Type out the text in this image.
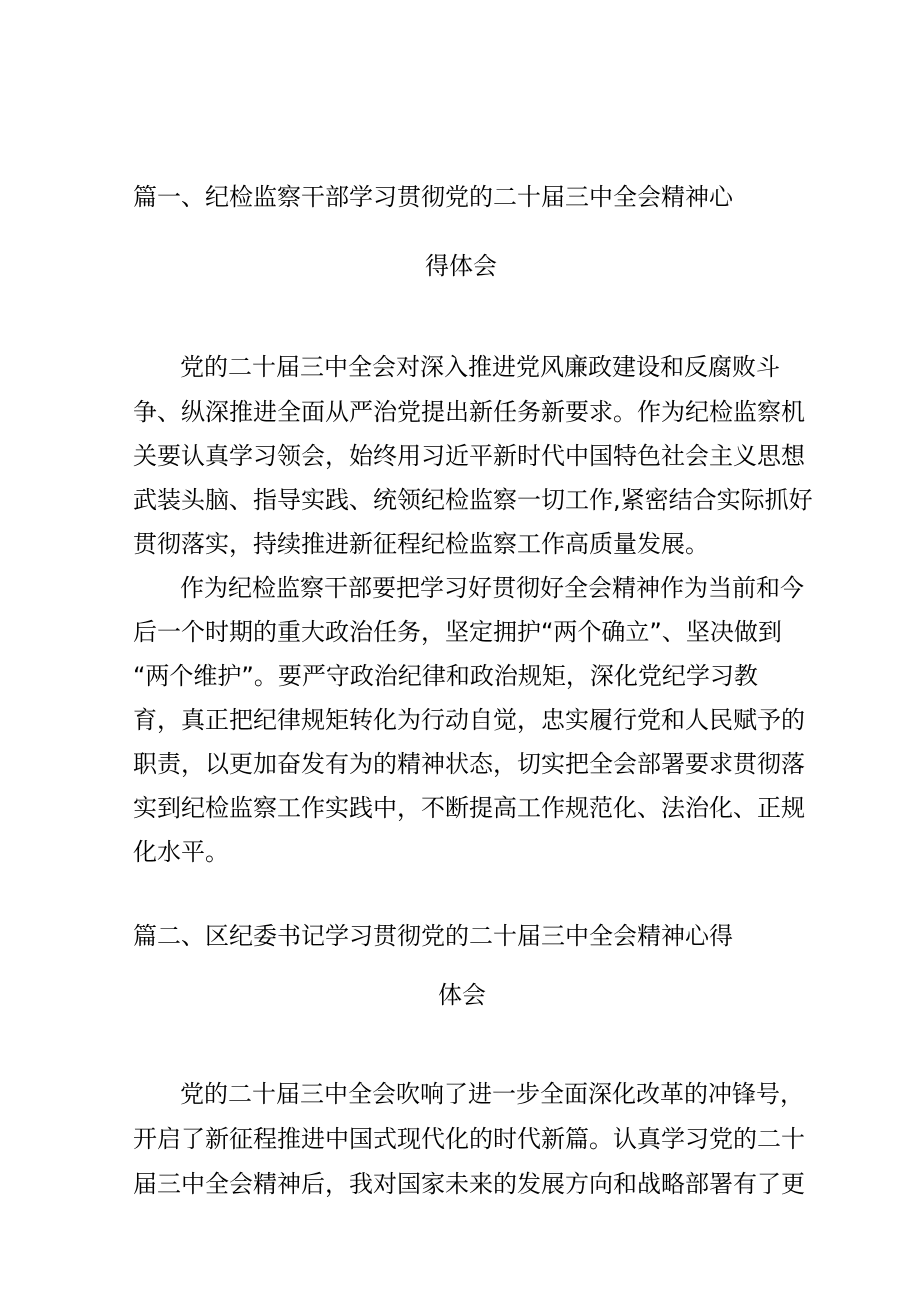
篇一、纪检监察干部学习贯彻党的二十届三中全会精神心
得体会
党的二十届三中全会对深入推进党风廉政建设和反腐败斗
争、纵深推进全面从严治党提出新任务新要求。作为纪检监察机
关要认真学习领会，始终用习近平新时代中国特色社会主义思想
武装头脑、指导实践、统领纪检监察一切工作,紧密结合实际抓好
贯彻落实，持续推进新征程纪检监察工作高质量发展。
作为纪检监察干部要把学习好贯彻好全会精神作为当前和今
后一个时期的重大政治任务，坚定拥护“两个确立”、坚决做到
“两个维护”。要严守政治纪律和政治规矩，深化党纪学习教
育，真正把纪律规矩转化为行动自觉，忠实履行党和人民赋予的
职责，以更加奋发有为的精神状态，切实把全会部署要求贯彻落
实到纪检监察工作实践中，不断提高工作规范化、法治化、正规
化水平。
篇二、区纪委书记学习贯彻党的二十届三中全会精神心得
体会
党的二十届三中全会吹响了进一步全面深化改革的冲锋号，
开启了新征程推进中国式现代化的时代新篇。认真学习党的二十
届三中全会精神后，我对国家未来的发展方向和战略部署有了更
